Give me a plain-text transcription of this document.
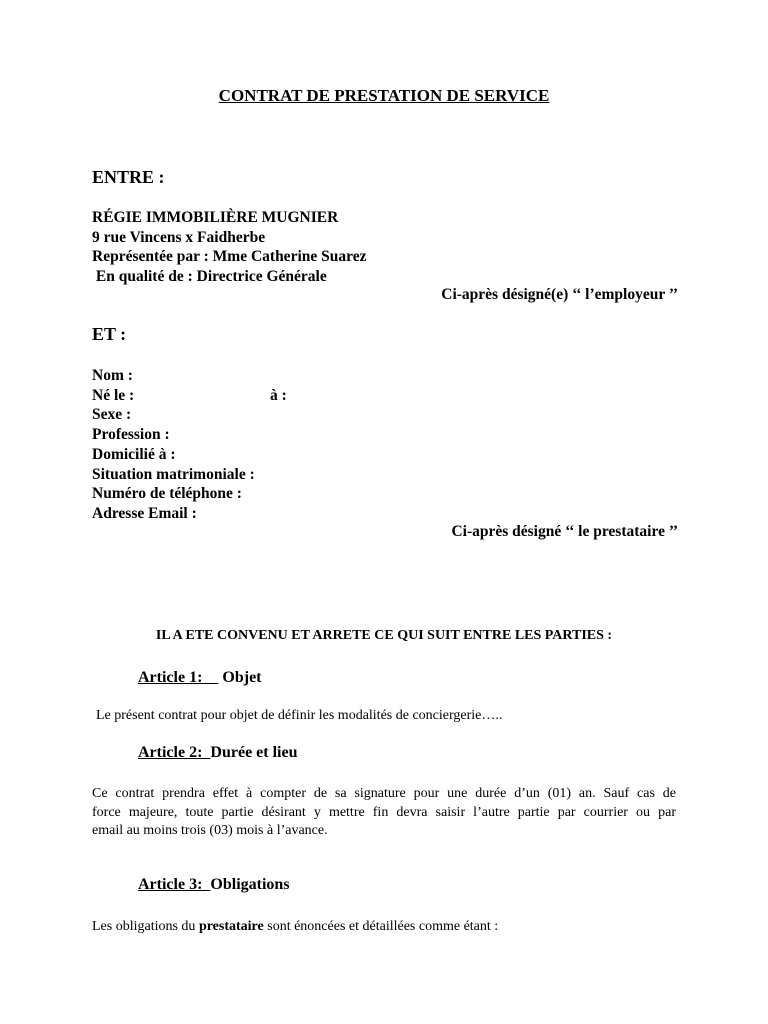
CONTRAT DE PRESTATION DE SERVICE
ENTRE :
RÉGIE IMMOBILIÈRE MUGNIER
9 rue Vincens x Faidherbe
Représentée par : Mme Catherine Suarez
En qualité de : Directrice Générale
Ci-après désigné(e) ‘‘ l’employeur ’’
ET :
Nom :
Né le :	à :
Sexe :
Profession :
Domicilié à :
Situation matrimoniale :
Numéro de téléphone :
Adresse Email :
Ci-après désigné ‘‘ le prestataire ’’
IL A ETE CONVENU ET ARRETE CE QUI SUIT ENTRE LES PARTIES :
Article 1: Objet
Le présent contrat pour objet de définir les modalités de conciergerie…..
Article 2: Durée et lieu
Ce contrat prendra effet à compter de sa signature pour une durée d’un (01) an. Sauf cas de
force majeure, toute partie désirant y mettre fin devra saisir l’autre partie par courrier ou par
email au moins trois (03) mois à l’avance.
Article 3: Obligations
Les obligations du prestataire sont énoncées et détaillées comme étant :
